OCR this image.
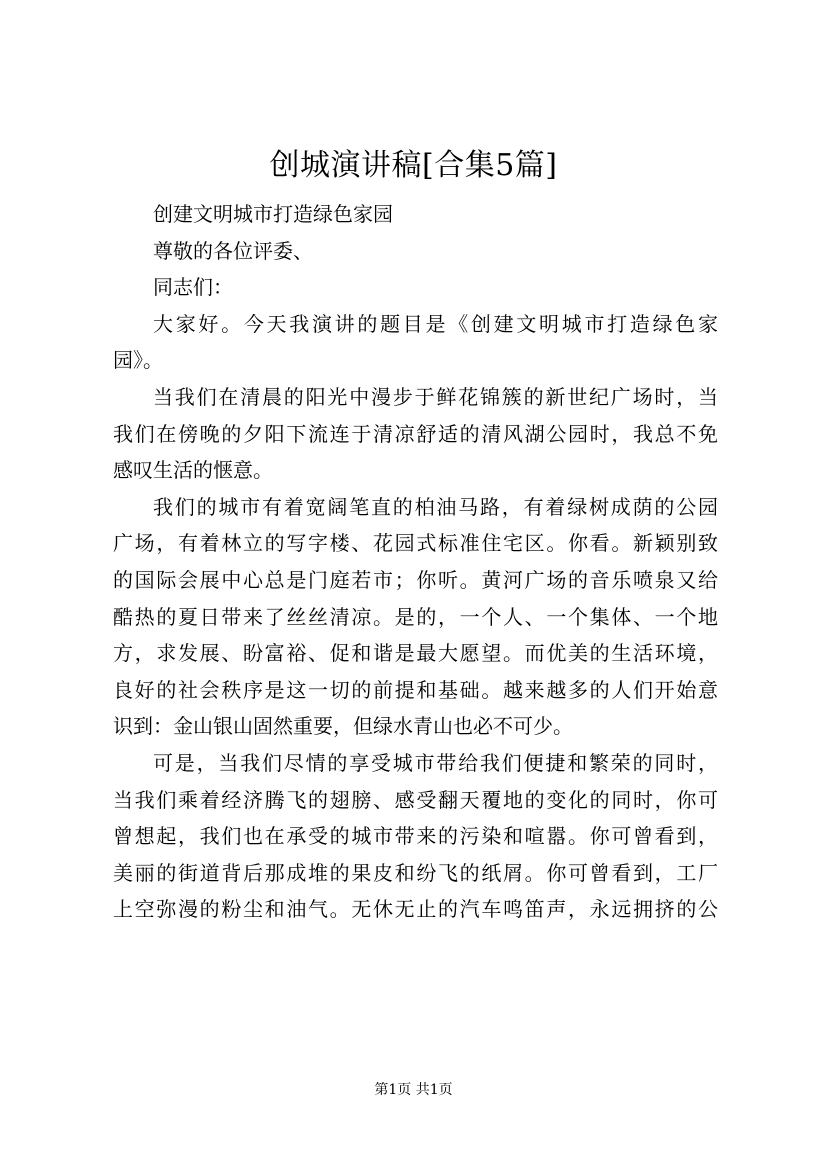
创城演讲稿[合集5篇]
创建文明城市打造绿色家园
尊敬的各位评委、
同志们：
大家好。今天我演讲的题目是《创建文明城市打造绿色家
园》。
当我们在清晨的阳光中漫步于鲜花锦簇的新世纪广场时，当
我们在傍晚的夕阳下流连于清凉舒适的清风湖公园时，我总不免
感叹生活的惬意。
我们的城市有着宽阔笔直的柏油马路，有着绿树成荫的公园
广场，有着林立的写字楼、花园式标准住宅区。你看。新颖别致
的国际会展中心总是门庭若市；你听。黄河广场的音乐喷泉又给
酷热的夏日带来了丝丝清凉。是的，一个人、一个集体、一个地
方，求发展、盼富裕、促和谐是最大愿望。而优美的生活环境，
良好的社会秩序是这一切的前提和基础。越来越多的人们开始意
识到：金山银山固然重要，但绿水青山也必不可少。
可是，当我们尽情的享受城市带给我们便捷和繁荣的同时，
当我们乘着经济腾飞的翅膀、感受翻天覆地的变化的同时，你可
曾想起，我们也在承受的城市带来的污染和喧嚣。你可曾看到，
美丽的街道背后那成堆的果皮和纷飞的纸屑。你可曾看到，工厂
上空弥漫的粉尘和油气。无休无止的汽车鸣笛声，永远拥挤的公
第1页 共1页
